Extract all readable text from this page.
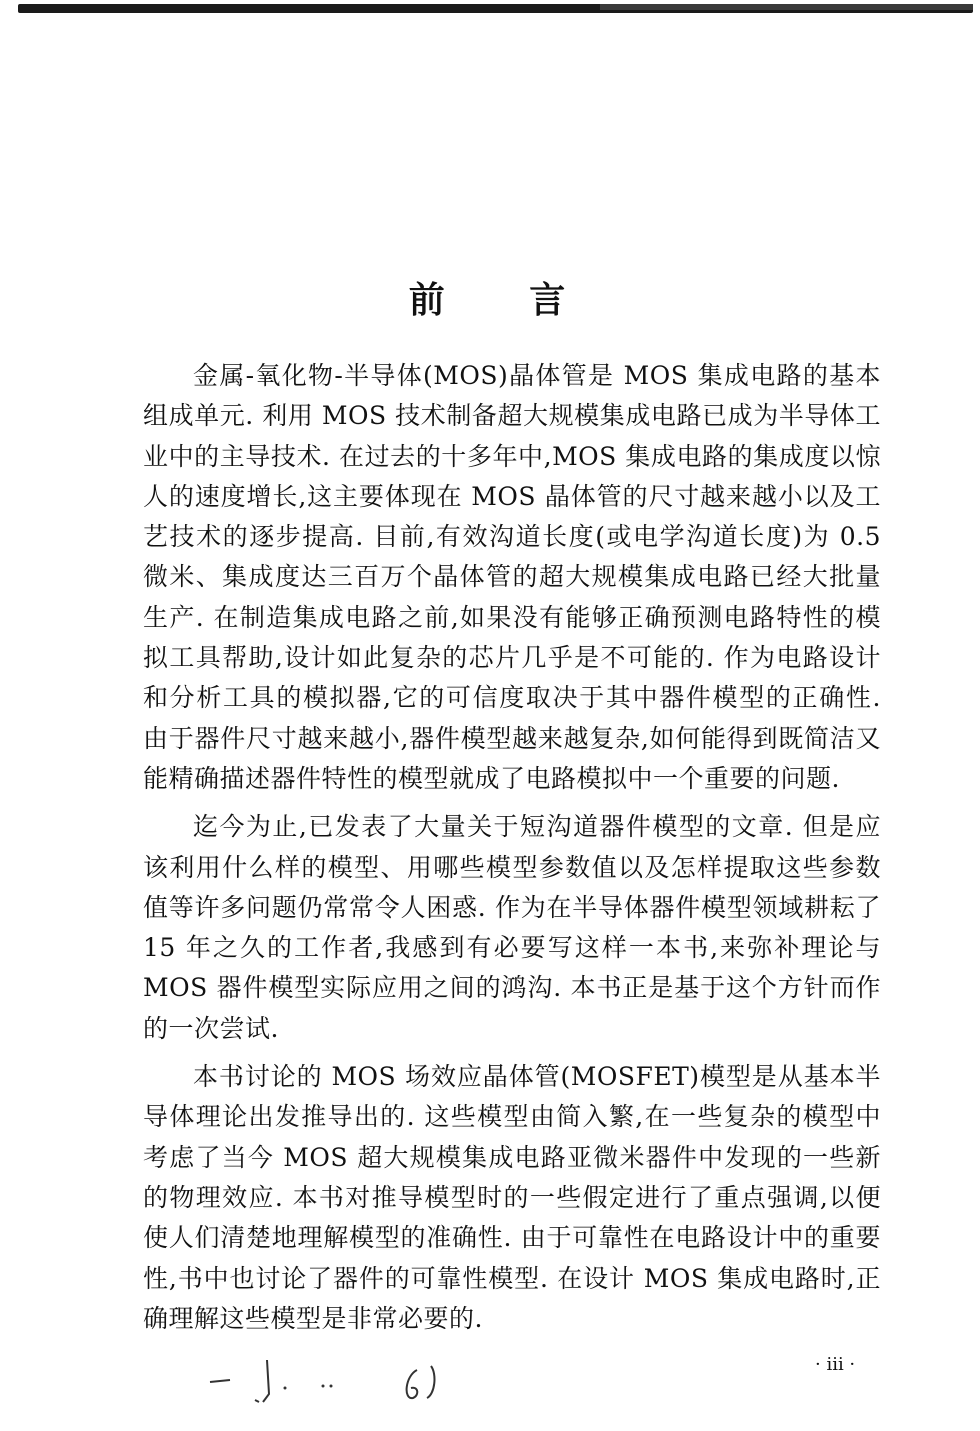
前 言

金属-氧化物-半导体(MOS)晶体管是 MOS 集成电路的基本组成单元. 利用 MOS 技术制备超大规模集成电路已成为半导体工业中的主导技术. 在过去的十多年中,MOS 集成电路的集成度以惊人的速度增长,这主要体现在 MOS 晶体管的尺寸越来越小以及工艺技术的逐步提高. 目前,有效沟道长度(或电学沟道长度)为 0.5 微米、集成度达三百万个晶体管的超大规模集成电路已经大批量生产. 在制造集成电路之前,如果没有能够正确预测电路特性的模拟工具帮助,设计如此复杂的芯片几乎是不可能的. 作为电路设计和分析工具的模拟器,它的可信度取决于其中器件模型的正确性. 由于器件尺寸越来越小,器件模型越来越复杂,如何能得到既简洁又能精确描述器件特性的模型就成了电路模拟中一个重要的问题.

迄今为止,已发表了大量关于短沟道器件模型的文章. 但是应该利用什么样的模型、用哪些模型参数值以及怎样提取这些参数值等许多问题仍常常令人困惑. 作为在半导体器件模型领域耕耘了 15 年之久的工作者,我感到有必要写这样一本书,来弥补理论与 MOS 器件模型实际应用之间的鸿沟. 本书正是基于这个方针而作的一次尝试.

本书讨论的 MOS 场效应晶体管(MOSFET)模型是从基本半导体理论出发推导出的. 这些模型由简入繁,在一些复杂的模型中考虑了当今 MOS 超大规模集成电路亚微米器件中发现的一些新的物理效应. 本书对推导模型时的一些假定进行了重点强调,以便使人们清楚地理解模型的准确性. 由于可靠性在电路设计中的重要性,书中也讨论了器件的可靠性模型. 在设计 MOS 集成电路时,正确理解这些模型是非常必要的.

· iii ·
